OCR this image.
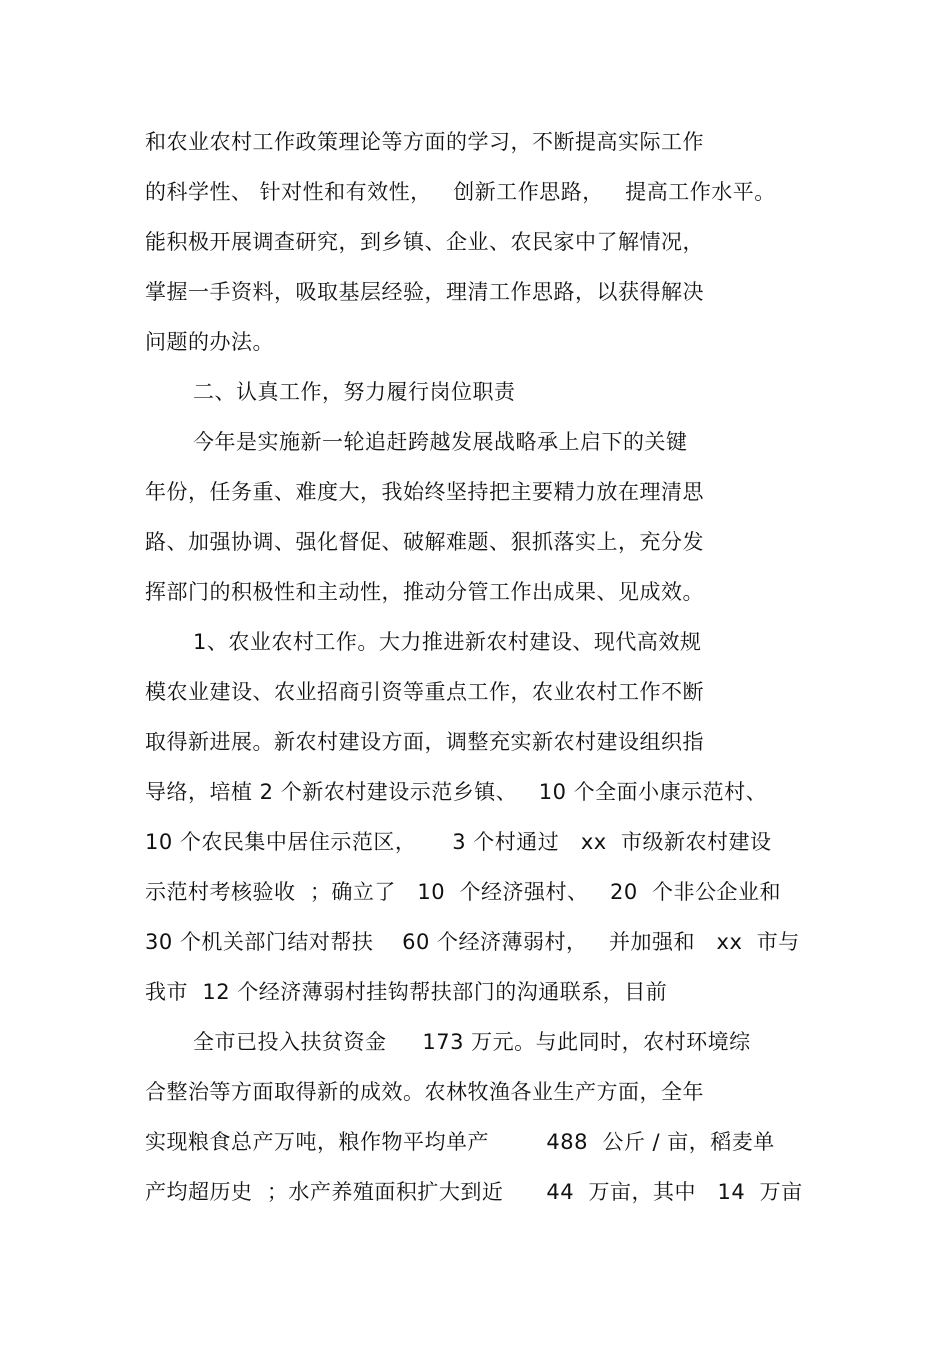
和农业农村工作政策理论等方面的学习，不断提高实际工作
的科学性、 针对性和有效性，   创新工作思路，   提高工作水平。
能积极开展调查研究，到乡镇、企业、农民家中了解情况，
掌握一手资料，吸取基层经验，理清工作思路，以获得解决
问题的办法。
二、认真工作，努力履行岗位职责
今年是实施新一轮追赶跨越发展战略承上启下的关键
年份，任务重、难度大，我始终坚持把主要精力放在理清思
路、加强协调、强化督促、破解难题、狠抓落实上，充分发
挥部门的积极性和主动性，推动分管工作出成果、见成效。
1、农业农村工作。大力推进新农村建设、现代高效规
模农业建设、农业招商引资等重点工作，农业农村工作不断
取得新进展。新农村建设方面，调整充实新农村建设组织指
导络，培植 2 个新农村建设示范乡镇、   10 个全面小康示范村、
10 个农民集中居住示范区，     3 个村通过   xx  市级新农村建设
示范村考核验收  ；确立了   10  个经济强村、   20  个非公企业和
30 个机关部门结对帮扶    60 个经济薄弱村，   并加强和   xx  市与
我市  12 个经济薄弱村挂钩帮扶部门的沟通联系，目前
全市已投入扶贫资金     173 万元。与此同时，农村环境综
合整治等方面取得新的成效。农林牧渔各业生产方面，全年
实现粮食总产万吨，粮作物平均单产        488  公斤 / 亩，稻麦单
产均超历史  ；水产养殖面积扩大到近      44  万亩，其中   14  万亩
